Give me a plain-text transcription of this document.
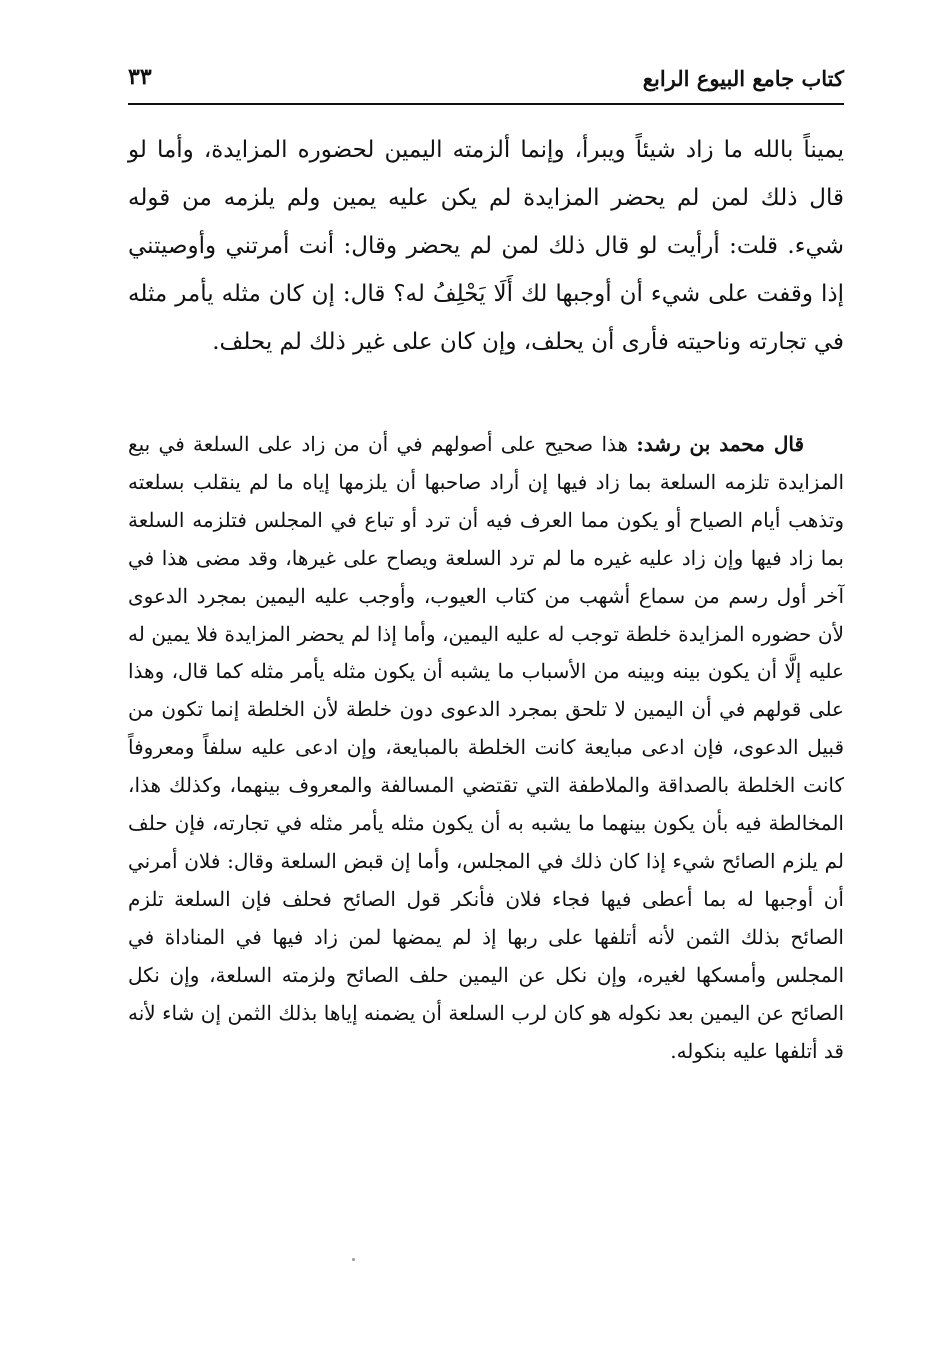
كتاب جامع البيوع الرابع
٣٣

يميناً بالله ما زاد شيئاً ويبرأ، وإنما ألزمته اليمين لحضوره المزايدة، وأما لو قال ذلك لمن لم يحضر المزايدة لم يكن عليه يمين ولم يلزمه من قوله شيء. قلت: أرأيت لو قال ذلك لمن لم يحضر وقال: أنت أمرتني وأوصيتني إذا وقفت على شيء أن أوجبها لك أَلَا يَحْلِفُ له؟ قال: إن كان مثله يأمر مثله في تجارته وناحيته فأرى أن يحلف، وإن كان على غير ذلك لم يحلف.

قال محمد بن رشد: هذا صحيح على أصولهم في أن من زاد على السلعة في بيع المزايدة تلزمه السلعة بما زاد فيها إن أراد صاحبها أن يلزمها إياه ما لم ينقلب بسلعته وتذهب أيام الصياح أو يكون مما العرف فيه أن ترد أو تباع في المجلس فتلزمه السلعة بما زاد فيها وإن زاد عليه غيره ما لم ترد السلعة ويصاح على غيرها، وقد مضى هذا في آخر أول رسم من سماع أشهب من كتاب العيوب، وأوجب عليه اليمين بمجرد الدعوى لأن حضوره المزايدة خلطة توجب له عليه اليمين، وأما إذا لم يحضر المزايدة فلا يمين له عليه إلَّا أن يكون بينه وبينه من الأسباب ما يشبه أن يكون مثله يأمر مثله كما قال، وهذا على قولهم في أن اليمين لا تلحق بمجرد الدعوى دون خلطة لأن الخلطة إنما تكون من قبيل الدعوى، فإن ادعى مبايعة كانت الخلطة بالمبايعة، وإن ادعى عليه سلفاً ومعروفاً كانت الخلطة بالصداقة والملاطفة التي تقتضي المسالفة والمعروف بينهما، وكذلك هذا، المخالطة فيه بأن يكون بينهما ما يشبه به أن يكون مثله يأمر مثله في تجارته، فإن حلف لم يلزم الصائح شيء إذا كان ذلك في المجلس، وأما إن قبض السلعة وقال: فلان أمرني أن أوجبها له بما أعطى فيها فجاء فلان فأنكر قول الصائح فحلف فإن السلعة تلزم الصائح بذلك الثمن لأنه أتلفها على ربها إذ لم يمضها لمن زاد فيها في المناداة في المجلس وأمسكها لغيره، وإن نكل عن اليمين حلف الصائح ولزمته السلعة، وإن نكل الصائح عن اليمين بعد نكوله هو كان لرب السلعة أن يضمنه إياها بذلك الثمن إن شاء لأنه قد أتلفها عليه بنكوله.
